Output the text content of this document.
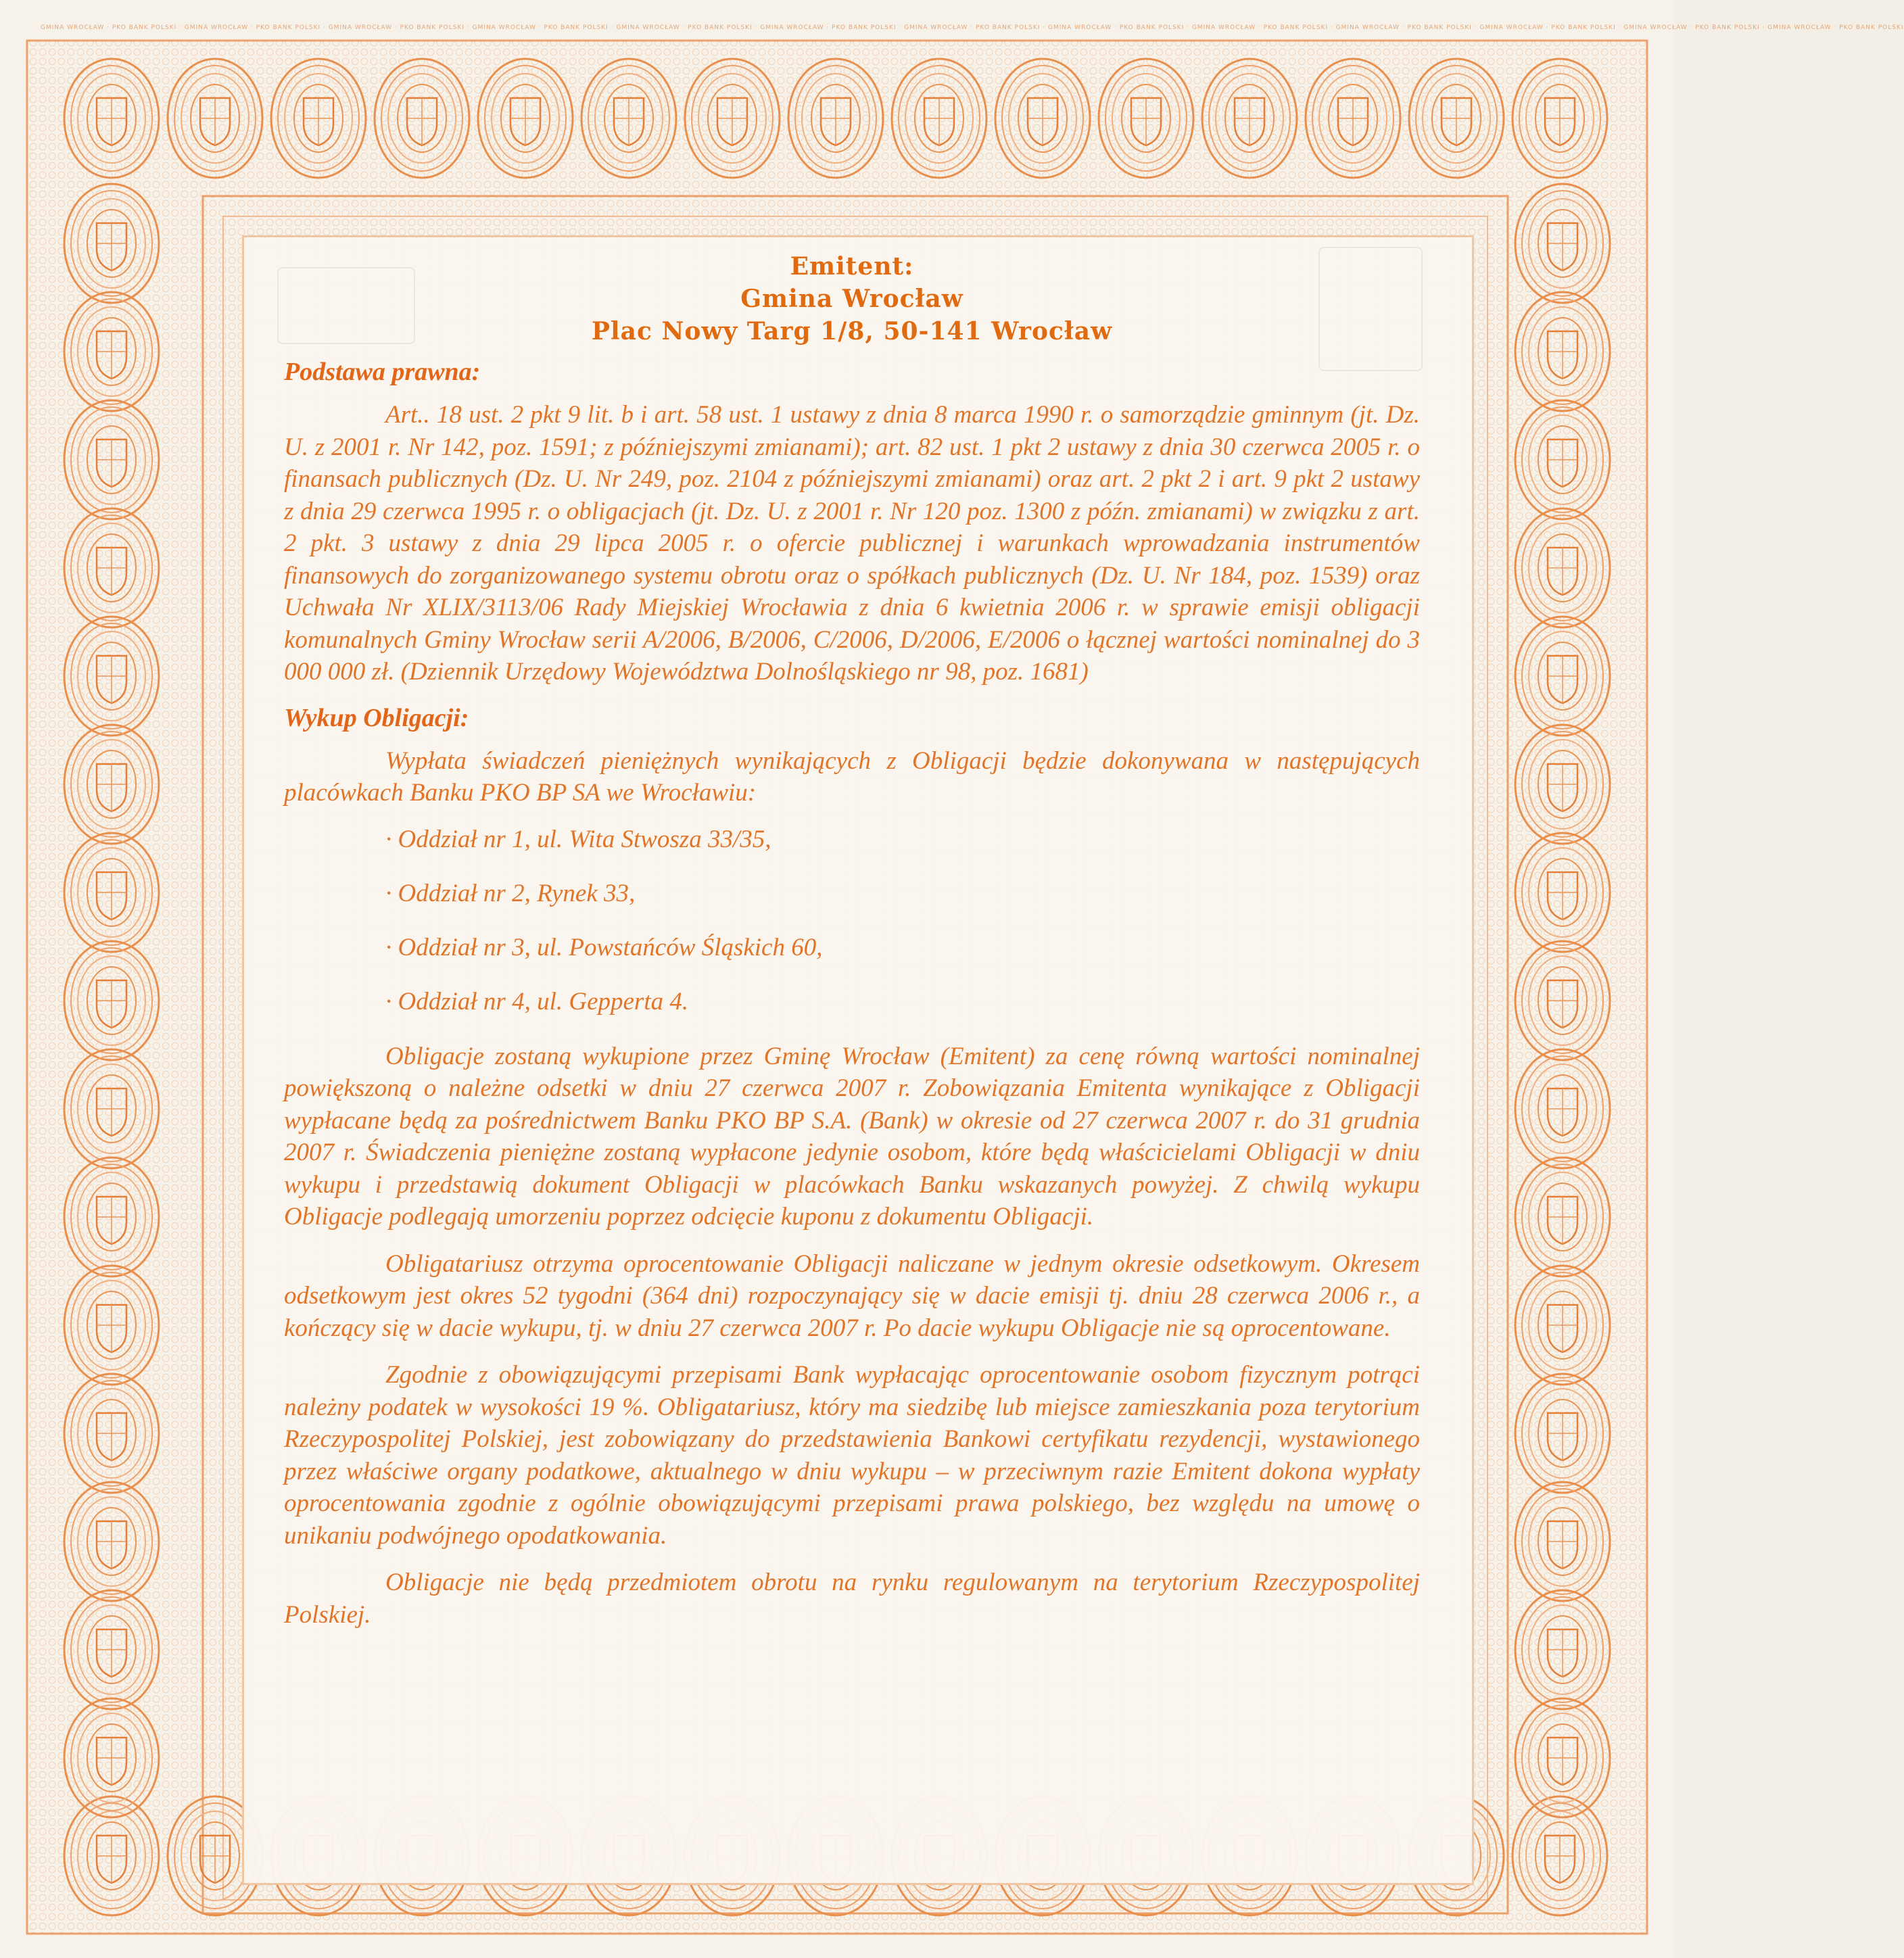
GMINA WROCŁAW · PKO BANK POLSKI · GMINA WROCŁAW · PKO BANK POLSKI · GMINA WROCŁAW · PKO BANK POLSKI · GMINA WROCŁAW · PKO BANK POLSKI · GMINA WROCŁAW · PKO BANK POLSKI · GMINA WROCŁAW · PKO BANK POLSKI · GMINA WROCŁAW · PKO BANK POLSKI · GMINA WROCŁAW · PKO BANK POLSKI · GMINA WROCŁAW · PKO BANK POLSKI · GMINA WROCŁAW · PKO BANK POLSKI · GMINA WROCŁAW · PKO BANK POLSKI · GMINA WROCŁAW · PKO BANK POLSKI · GMINA WROCŁAW · PKO BANK POLSKI
Emitent:
Gmina Wrocław
Plac Nowy Targ 1/8, 50-141 Wrocław
Podstawa prawna:

Art.. 18 ust. 2 pkt 9 lit. b i art. 58 ust. 1 ustawy z dnia 8 marca 1990 r. o samorządzie gminnym (jt. Dz. U. z 2001 r. Nr 142, poz. 1591; z późniejszymi zmianami); art. 82 ust. 1 pkt 2 ustawy z dnia 30 czerwca 2005 r. o finansach publicznych (Dz. U. Nr 249, poz. 2104 z późniejszymi zmianami) oraz art. 2 pkt 2 i art. 9 pkt 2 ustawy z dnia 29 czerwca 1995 r. o obligacjach (jt. Dz. U. z 2001 r. Nr 120 poz. 1300 z późn. zmianami) w związku z art. 2 pkt. 3 ustawy z dnia 29 lipca 2005 r. o ofercie publicznej i warunkach wprowadzania instrumentów finansowych do zorganizowanego systemu obrotu oraz o spółkach publicznych (Dz. U. Nr 184, poz. 1539) oraz Uchwała Nr XLIX/3113/06 Rady Miejskiej Wrocławia z dnia 6 kwietnia 2006 r. w sprawie emisji obligacji komunalnych Gminy Wrocław serii A/2006, B/2006, C/2006, D/2006, E/2006 o łącznej wartości nominalnej do 3 000 000 zł. (Dziennik Urzędowy Województwa Dolnośląskiego nr 98, poz. 1681)

Wykup Obligacji:

Wypłata świadczeń pieniężnych wynikających z Obligacji będzie dokonywana w następujących placówkach Banku PKO BP SA we Wrocławiu:

· Oddział nr 1, ul. Wita Stwosza 33/35,
· Oddział nr 2, Rynek 33,
· Oddział nr 3, ul. Powstańców Śląskich 60,
· Oddział nr 4, ul. Gepperta 4.

Obligacje zostaną wykupione przez Gminę Wrocław (Emitent) za cenę równą wartości nominalnej powiększoną o należne odsetki w dniu 27 czerwca 2007 r. Zobowiązania Emitenta wynikające z Obligacji wypłacane będą za pośrednictwem Banku PKO BP S.A. (Bank) w okresie od 27 czerwca 2007 r. do 31 grudnia 2007 r. Świadczenia pieniężne zostaną wypłacone jedynie osobom, które będą właścicielami Obligacji w dniu wykupu i przedstawią dokument Obligacji w placówkach Banku wskazanych powyżej. Z chwilą wykupu Obligacje podlegają umorzeniu poprzez odcięcie kuponu z dokumentu Obligacji.

Obligatariusz otrzyma oprocentowanie Obligacji naliczane w jednym okresie odsetkowym. Okresem odsetkowym jest okres 52 tygodni (364 dni) rozpoczynający się w dacie emisji tj. dniu 28 czerwca 2006 r., a kończący się w dacie wykupu, tj. w dniu 27 czerwca 2007 r. Po dacie wykupu Obligacje nie są oprocentowane.

Zgodnie z obowiązującymi przepisami Bank wypłacając oprocentowanie osobom fizycznym potrąci należny podatek w wysokości 19 %. Obligatariusz, który ma siedzibę lub miejsce zamieszkania poza terytorium Rzeczypospolitej Polskiej, jest zobowiązany do przedstawienia Bankowi certyfikatu rezydencji, wystawionego przez właściwe organy podatkowe, aktualnego w dniu wykupu – w przeciwnym razie Emitent dokona wypłaty oprocentowania zgodnie z ogólnie obowiązującymi przepisami prawa polskiego, bez względu na umowę o unikaniu podwójnego opodatkowania.

Obligacje nie będą przedmiotem obrotu na rynku regulowanym na terytorium Rzeczypospolitej Polskiej.
